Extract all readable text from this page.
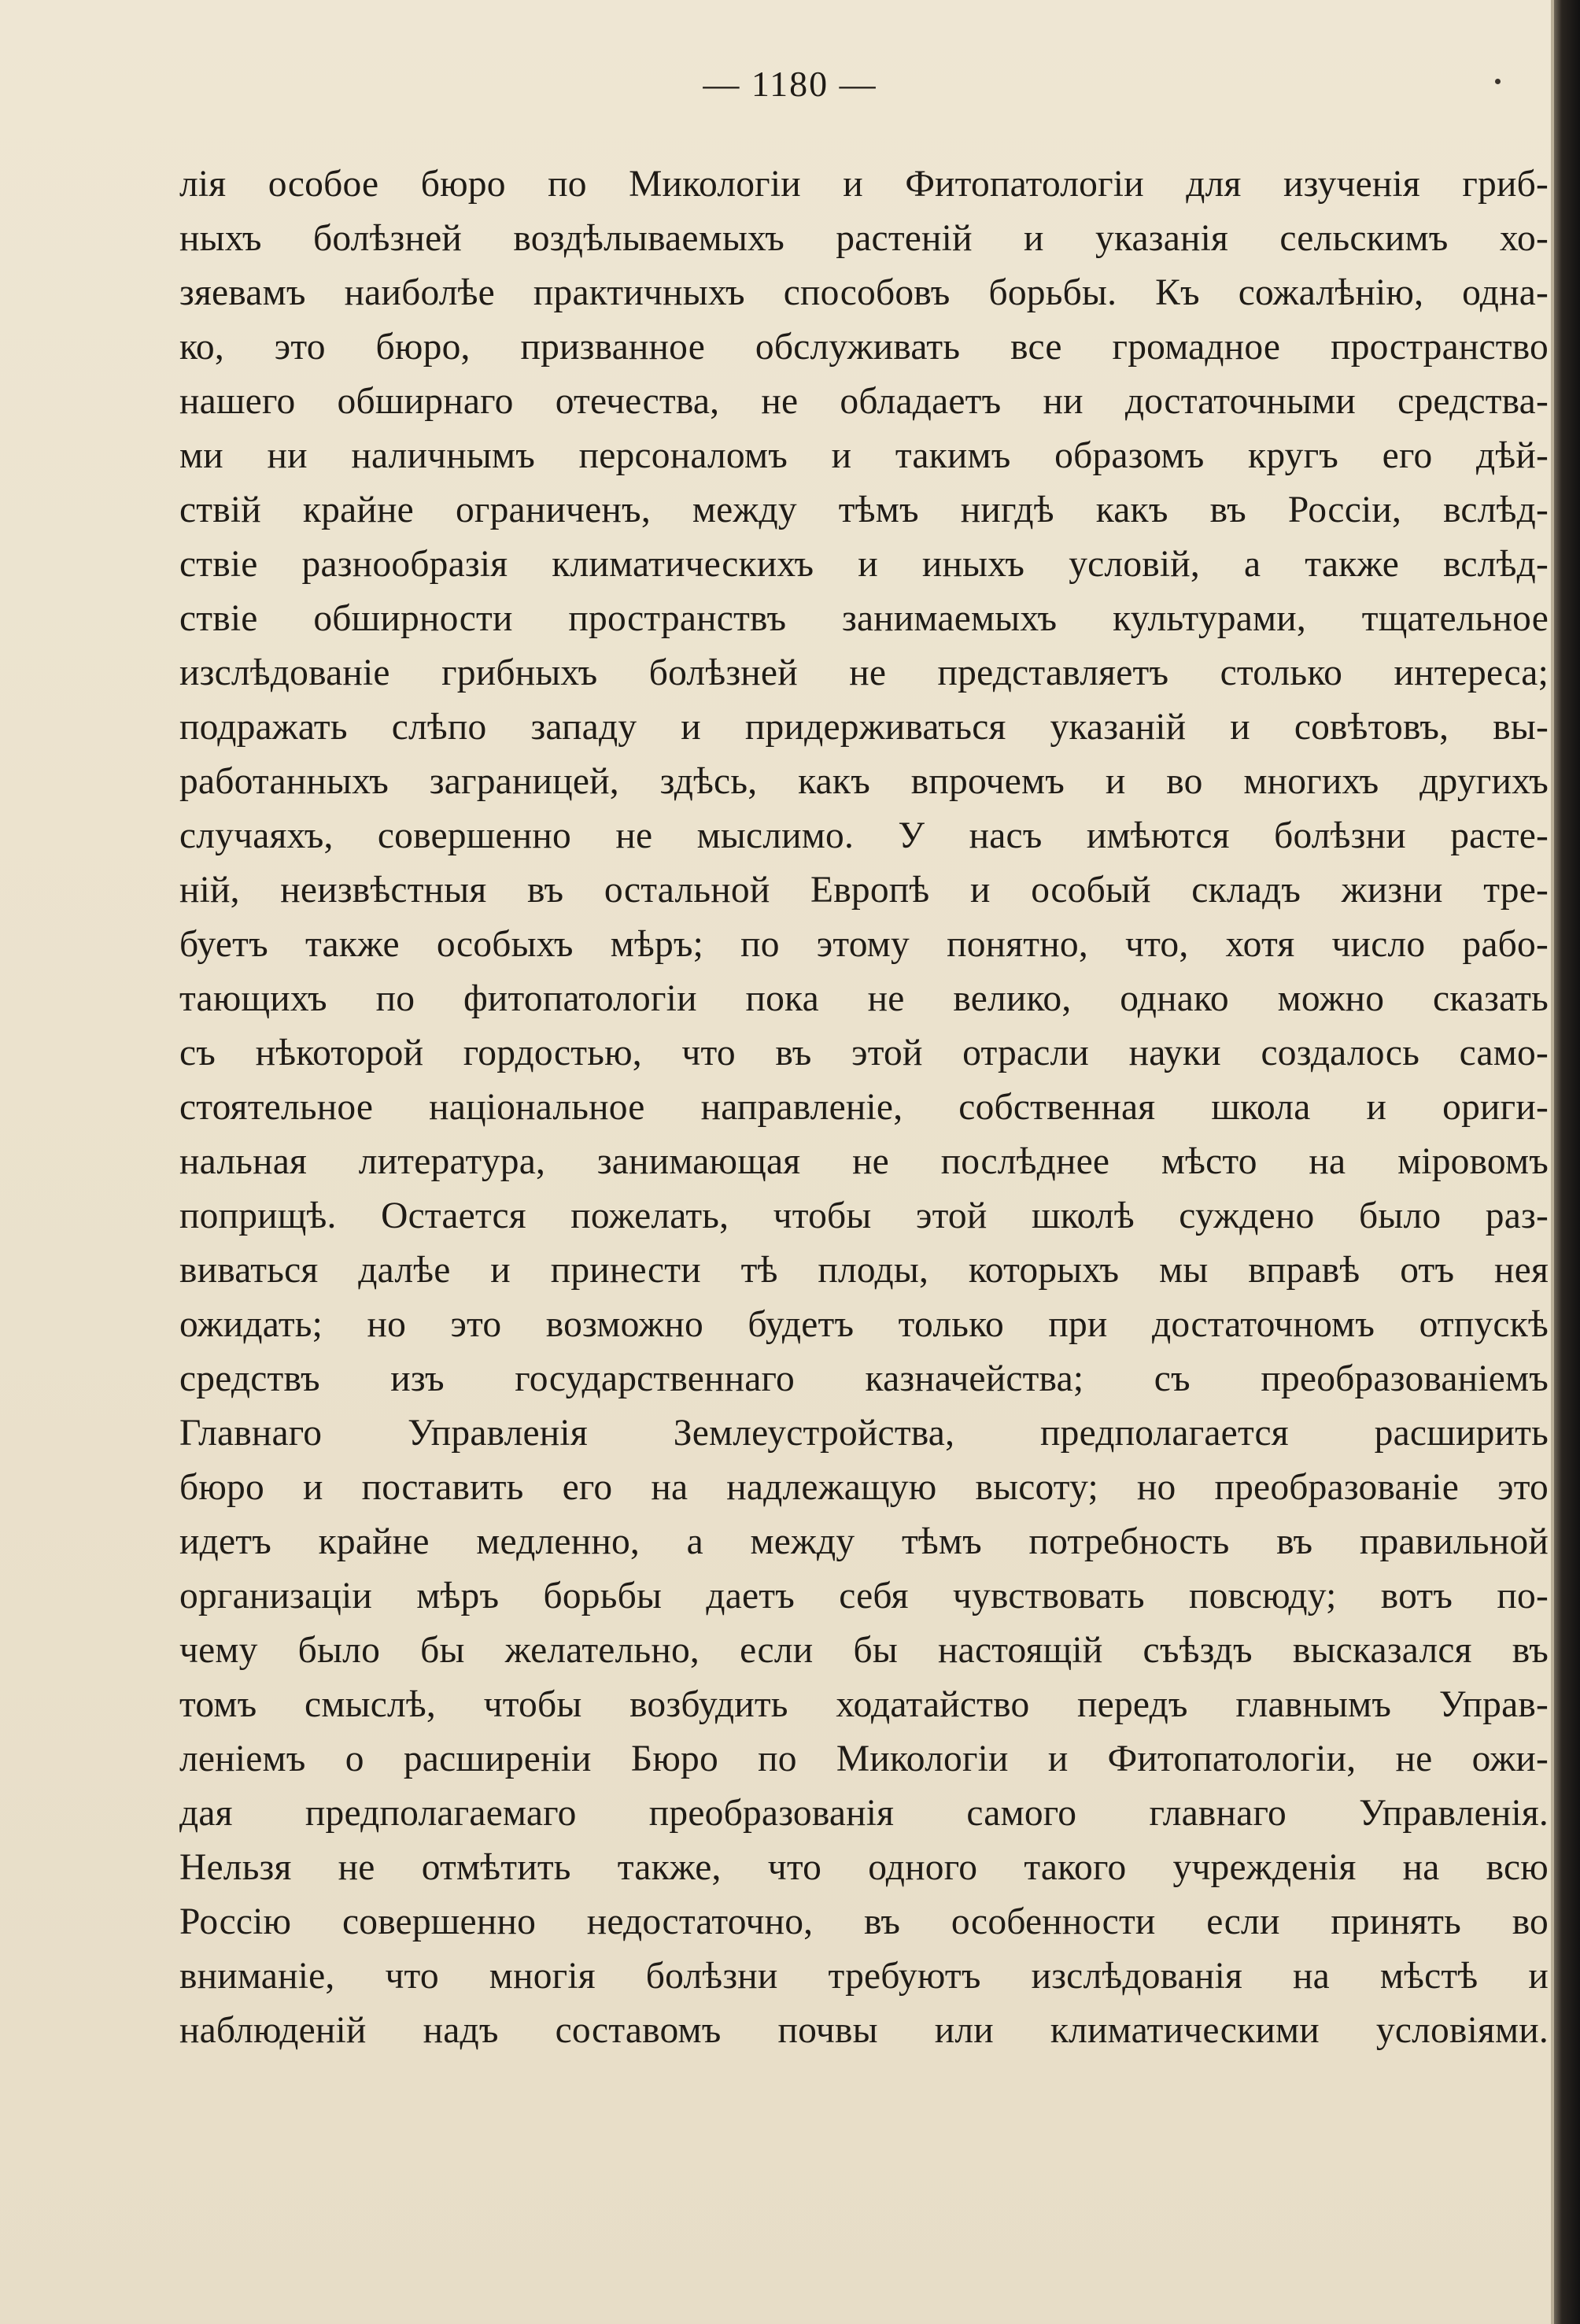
— 1180 —
лія особое бюро по Микологіи и Фитопатологіи для изученія гриб-
ныхъ болѣзней воздѣлываемыхъ растеній и указанія сельскимъ хо-
зяевамъ наиболѣе практичныхъ способовъ борьбы. Къ сожалѣнію, одна-
ко, это бюро, призванное обслуживать все громадное пространство
нашего обширнаго отечества, не обладаетъ ни достаточными средства-
ми ни наличнымъ персоналомъ и такимъ образомъ кругъ его дѣй-
ствій крайне ограниченъ, между тѣмъ нигдѣ какъ въ Россіи, вслѣд-
ствіе разнообразія климатическихъ и иныхъ условій, а также вслѣд-
ствіе обширности пространствъ занимаемыхъ культурами, тщательное
изслѣдованіе грибныхъ болѣзней не представляетъ столько интереса;
подражать слѣпо западу и придерживаться указаній и совѣтовъ, вы-
работанныхъ заграницей, здѣсь, какъ впрочемъ и во многихъ другихъ
случаяхъ, совершенно не мыслимо. У насъ имѣются болѣзни расте-
ній, неизвѣстныя въ остальной Европѣ и особый складъ жизни тре-
буетъ также особыхъ мѣръ; по этому понятно, что, хотя число рабо-
тающихъ по фитопатологіи пока не велико, однако можно сказать
съ нѣкоторой гордостью, что въ этой отрасли науки создалось само-
стоятельное національное направленіе, собственная школа и ориги-
нальная литература, занимающая не послѣднее мѣсто на міровомъ
поприщѣ. Остается пожелать, чтобы этой школѣ суждено было раз-
виваться далѣе и принести тѣ плоды, которыхъ мы вправѣ отъ нея
ожидать; но это возможно будетъ только при достаточномъ отпускѣ
средствъ изъ государственнаго казначейства; съ преобразованіемъ
Главнаго Управленія Землеустройства, предполагается расширить
бюро и поставить его на надлежащую высоту; но преобразованіе это
идетъ крайне медленно, а между тѣмъ потребность въ правильной
организаціи мѣръ борьбы даетъ себя чувствовать повсюду; вотъ по-
чему было бы желательно, если бы настоящій съѣздъ высказался въ
томъ смыслѣ, чтобы возбудить ходатайство передъ главнымъ Управ-
леніемъ о расширеніи Бюро по Микологіи и Фитопатологіи, не ожи-
дая предполагаемаго преобразованія самого главнаго Управленія.
Нельзя не отмѣтить также, что одного такого учрежденія на всю
Россію совершенно недостаточно, въ особенности если принять во
вниманіе, что многія болѣзни требуютъ изслѣдованія на мѣстѣ и
наблюденій надъ составомъ почвы или климатическими условіями.
